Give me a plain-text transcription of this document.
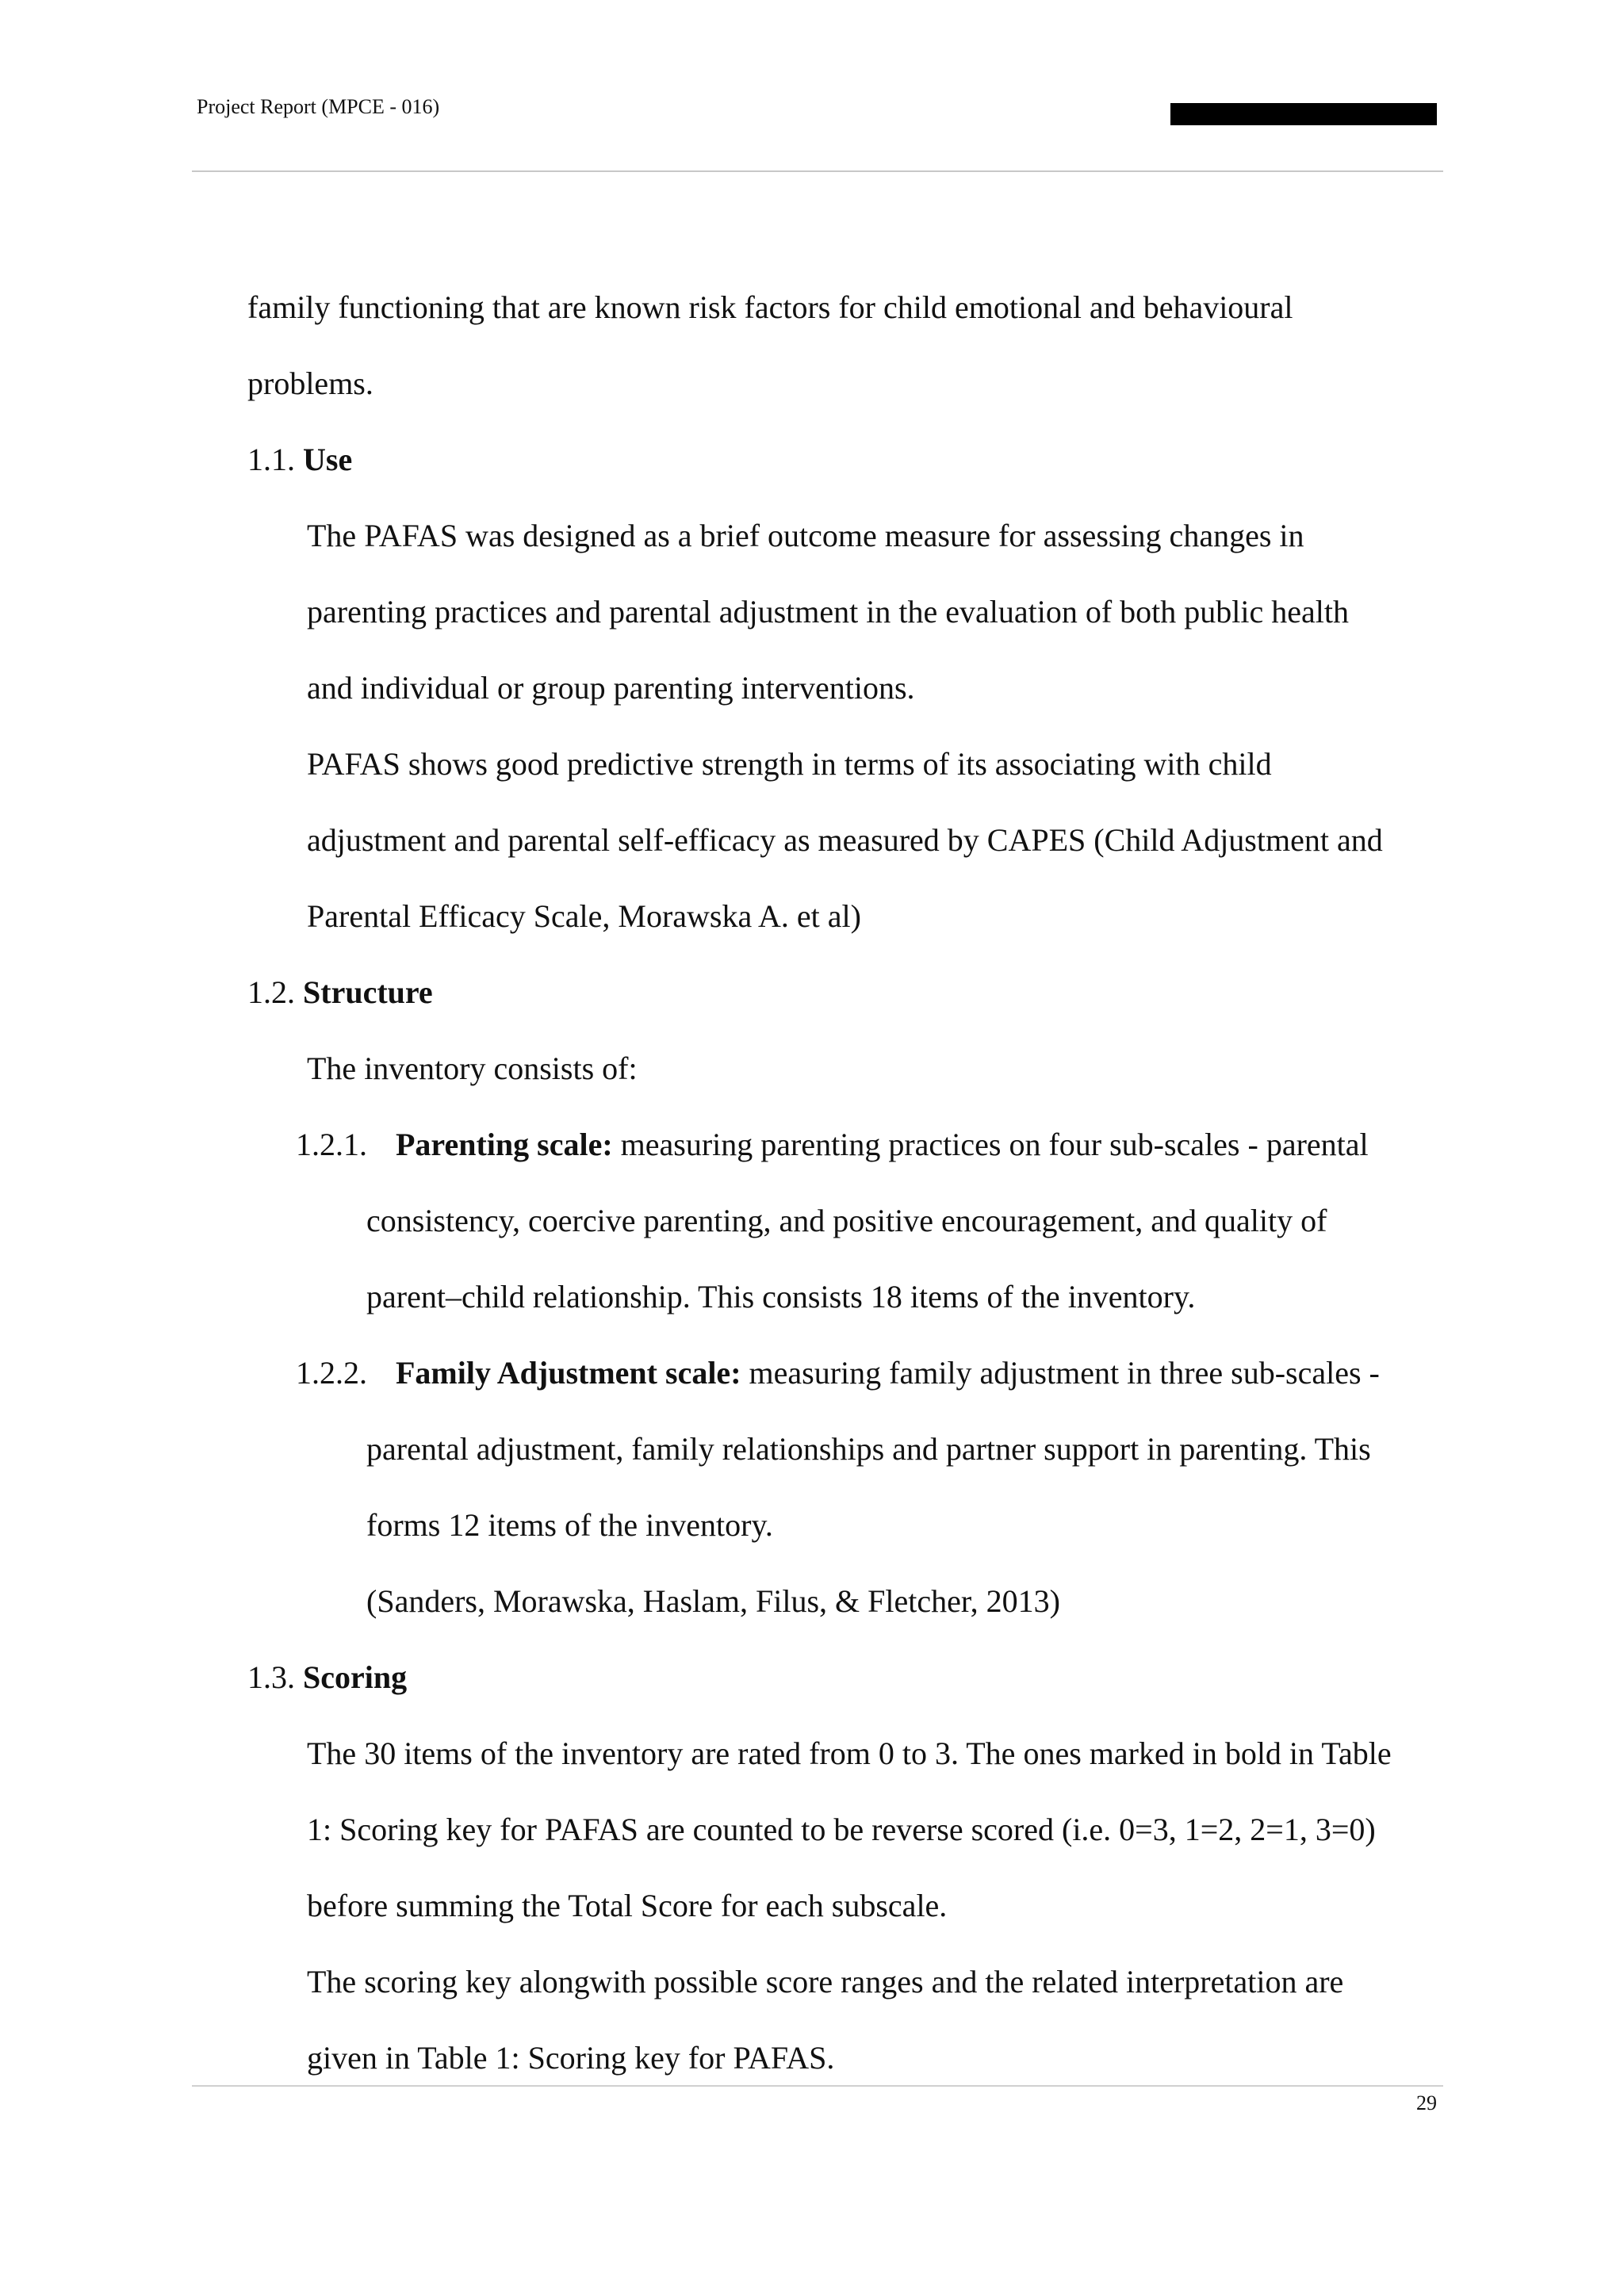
Project Report (MPCE - 016)
family functioning that are known risk factors for child emotional and behavioural
problems.
1.1. Use
The PAFAS was designed as a brief outcome measure for assessing changes in
parenting practices and parental adjustment in the evaluation of both public health
and individual or group parenting interventions.
PAFAS shows good predictive strength in terms of its associating with child
adjustment and parental self-efficacy as measured by CAPES (Child Adjustment and
Parental Efficacy Scale, Morawska A. et al)
1.2. Structure
The inventory consists of:
1.2.1. Parenting scale: measuring parenting practices on four sub-scales - parental
consistency, coercive parenting, and positive encouragement, and quality of
parent–child relationship. This consists 18 items of the inventory.
1.2.2. Family Adjustment scale: measuring family adjustment in three sub-scales -
parental adjustment, family relationships and partner support in parenting. This
forms 12 items of the inventory.
(Sanders, Morawska, Haslam, Filus, & Fletcher, 2013)
1.3. Scoring
The 30 items of the inventory are rated from 0 to 3. The ones marked in bold in Table
1: Scoring key for PAFAS are counted to be reverse scored (i.e. 0=3, 1=2, 2=1, 3=0)
before summing the Total Score for each subscale.
The scoring key alongwith possible score ranges and the related interpretation are
given in Table 1: Scoring key for PAFAS.
29
